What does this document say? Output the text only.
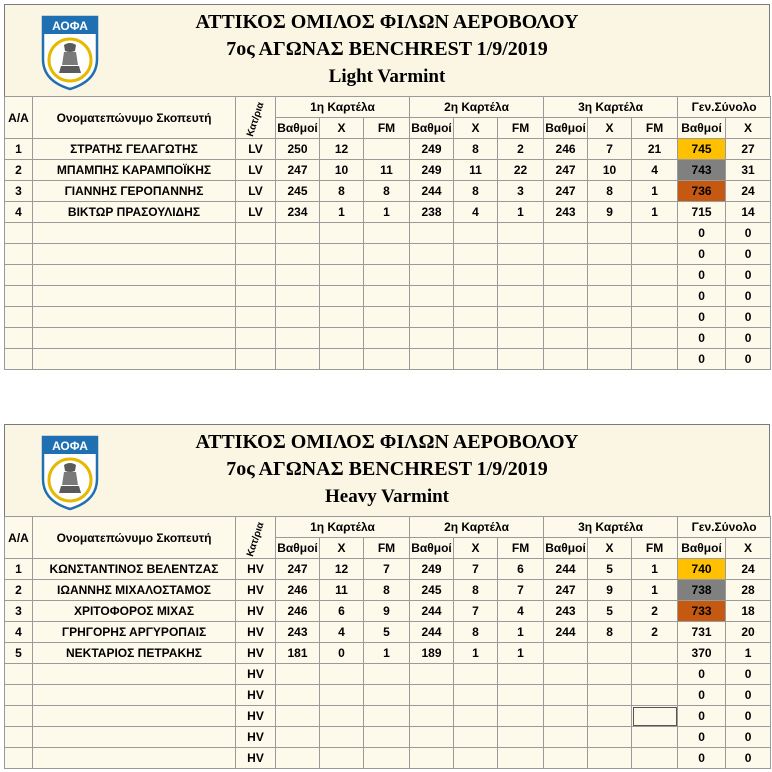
ΑΟΦΑ	ΑΤΤΙΚΟΣ ΟΜΙΛΟΣ ΦΙΛΩΝ ΑΕΡΟΒΟΛΟΥ
7ος ΑΓΩΝΑΣ BENCHREST 1/9/2019
Light Varmint
Α/Α	Ονοματεπώνυμο Σκοπευτή	Κατ/ρια	1η Καρτέλα			2η Καρτέλα			3η Καρτέλα			Γεν.Σύνολο	
			Βαθμοί	X	FM	Βαθμοί	X	FM	Βαθμοί	X	FM	Βαθμοί	X
1	ΣΤΡΑΤΗΣ ΓΕΛΑΓΩΤΗΣ	LV	250	12		249	8	2	246	7	21	745	27
2	ΜΠΑΜΠΗΣ ΚΑΡΑΜΠΟΪΚΗΣ	LV	247	10	11	249	11	22	247	10	4	743	31
3	ΓΙΑΝΝΗΣ ΓΕΡΟΠΑΝΝΗΣ	LV	245	8	8	244	8	3	247	8	1	736	24
4	ΒΙΚΤΩΡ ΠΡΑΣΟΥΛΙΔΗΣ	LV	234	1	1	238	4	1	243	9	1	715	14
												0	0
												0	0
												0	0
												0	0
												0	0
												0	0
												0	0
ΑΟΦΑ	ΑΤΤΙΚΟΣ ΟΜΙΛΟΣ ΦΙΛΩΝ ΑΕΡΟΒΟΛΟΥ
7ος ΑΓΩΝΑΣ BENCHREST 1/9/2019
Heavy Varmint
Α/Α	Ονοματεπώνυμο Σκοπευτή	Κατ/ρια	1η Καρτέλα			2η Καρτέλα			3η Καρτέλα			Γεν.Σύνολο	
			Βαθμοί	X	FM	Βαθμοί	X	FM	Βαθμοί	X	FM	Βαθμοί	X
1	ΚΩΝΣΤΑΝΤΙΝΟΣ ΒΕΛΕΝΤΖΑΣ	HV	247	12	7	249	7	6	244	5	1	740	24
2	ΙΩΑΝΝΗΣ ΜΙΧΑΛΟΣΤΑΜΟΣ	HV	246	11	8	245	8	7	247	9	1	738	28
3	ΧΡΙΤΟΦΟΡΟΣ ΜΙΧΑΣ	HV	246	6	9	244	7	4	243	5	2	733	18
4	ΓΡΗΓΟΡΗΣ ΑΡΓΥΡΟΠΑΙΣ	HV	243	4	5	244	8	1	244	8	2	731	20
5	ΝΕΚΤΑΡΙΟΣ ΠΕΤΡΑΚΗΣ	HV	181	0	1	189	1	1				370	1
		HV										0	0
		HV										0	0
		HV										0	0
		HV										0	0
		HV										0	0
